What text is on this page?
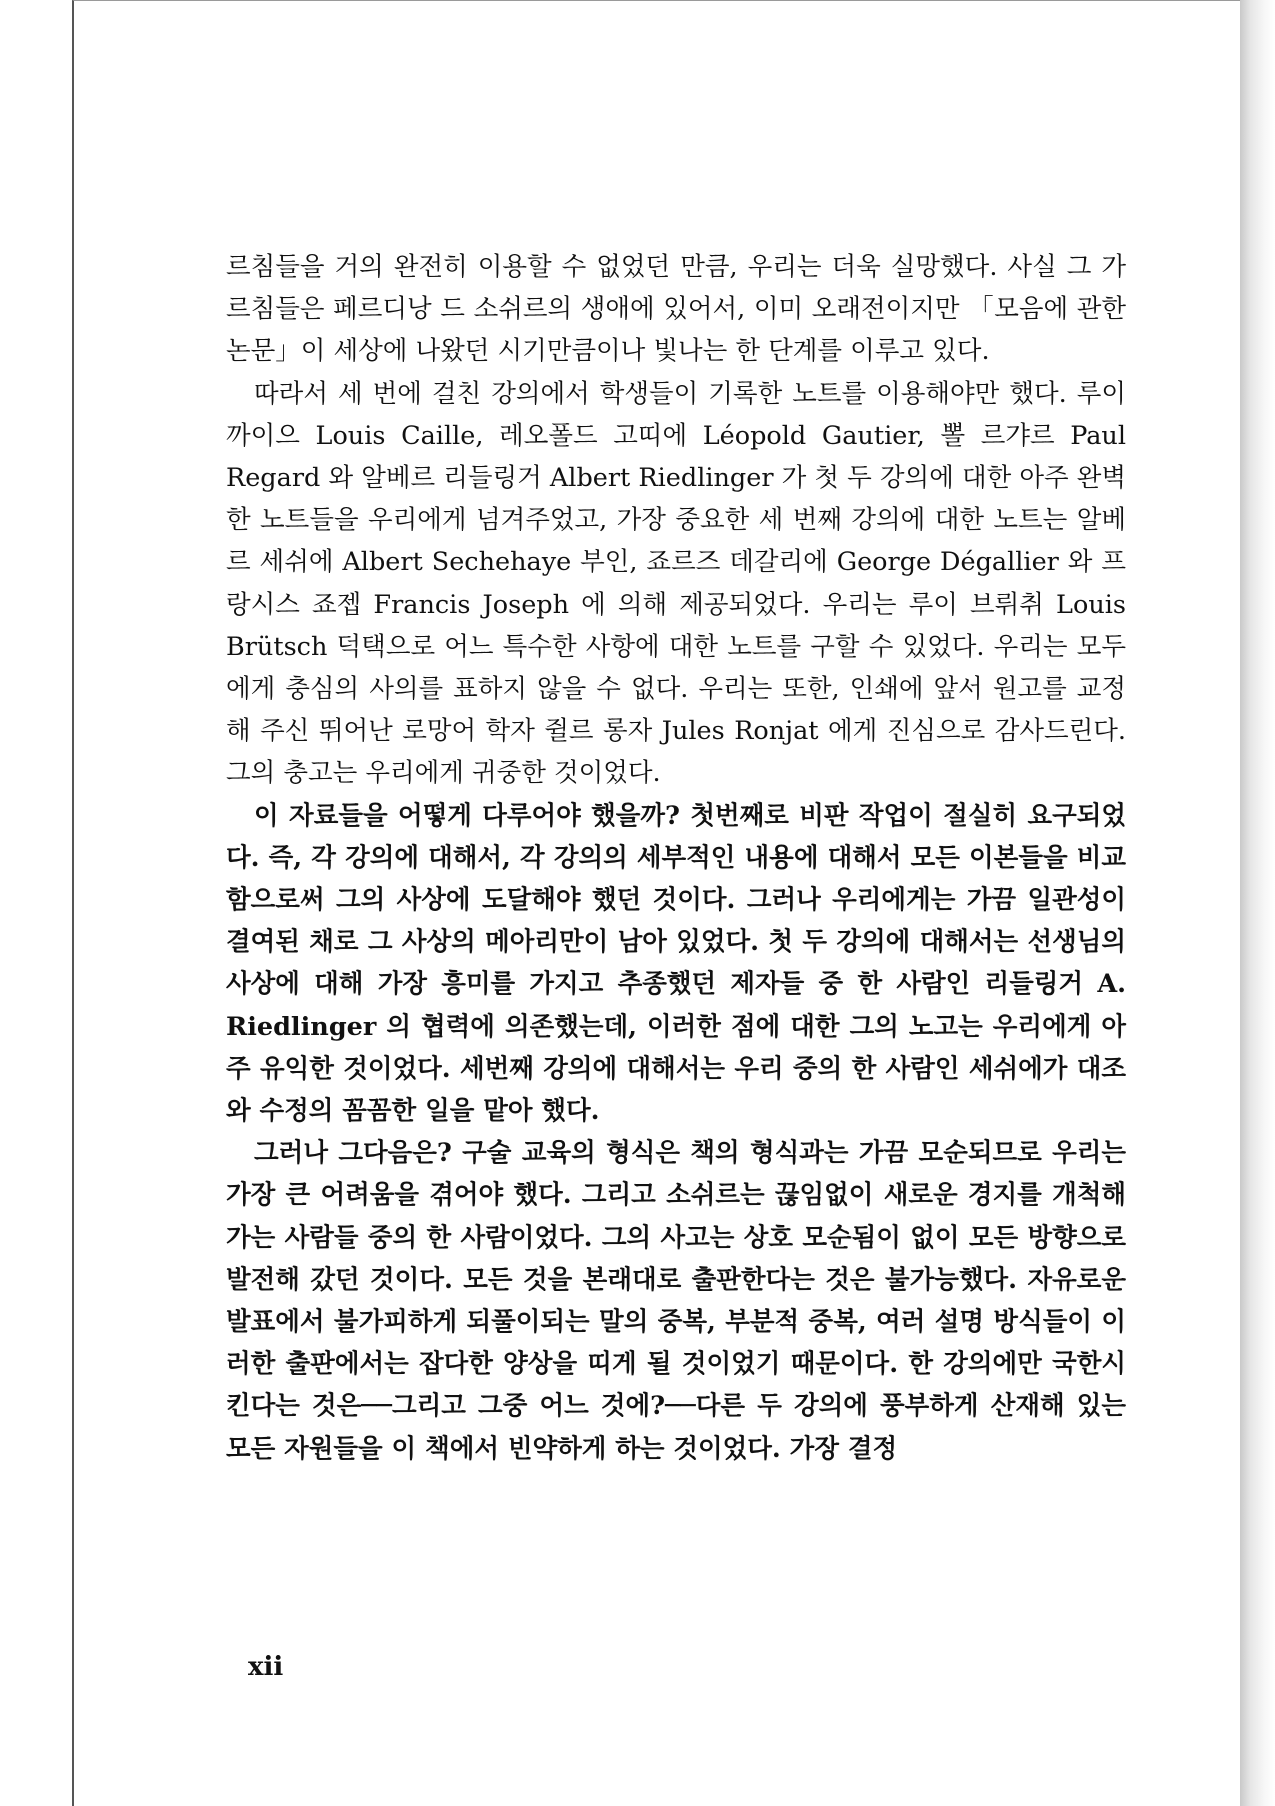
르침들을 거의 완전히 이용할 수 없었던 만큼, 우리는 더욱 실망했다. 사실 그 가르침들은 페르디낭 드 소쉬르의 생애에 있어서, 이미 오래전이지만 「모음에 관한 논문」이 세상에 나왔던 시기만큼이나 빛나는 한 단계를 이루고 있다.

따라서 세 번에 걸친 강의에서 학생들이 기록한 노트를 이용해야만 했다. 루이 까이으 Louis Caille, 레오폴드 고띠에 Léopold Gautier, 뽈 르갸르 Paul Regard 와 알베르 리들링거 Albert Riedlinger 가 첫 두 강의에 대한 아주 완벽한 노트들을 우리에게 넘겨주었고, 가장 중요한 세 번째 강의에 대한 노트는 알베르 세쉬에 Albert Sechehaye 부인, 죠르즈 데갈리에 George Dégallier 와 프랑시스 죠젭 Francis Joseph 에 의해 제공되었다. 우리는 루이 브뤼취 Louis Brütsch 덕택으로 어느 특수한 사항에 대한 노트를 구할 수 있었다. 우리는 모두에게 충심의 사의를 표하지 않을 수 없다. 우리는 또한, 인쇄에 앞서 원고를 교정해 주신 뛰어난 로망어 학자 쥘르 롱자 Jules Ronjat 에게 진심으로 감사드린다. 그의 충고는 우리에게 귀중한 것이었다.

이 자료들을 어떻게 다루어야 했을까? 첫번째로 비판 작업이 절실히 요구되었다. 즉, 각 강의에 대해서, 각 강의의 세부적인 내용에 대해서 모든 이본들을 비교함으로써 그의 사상에 도달해야 했던 것이다. 그러나 우리에게는 가끔 일관성이 결여된 채로 그 사상의 메아리만이 남아 있었다. 첫 두 강의에 대해서는 선생님의 사상에 대해 가장 흥미를 가지고 추종했던 제자들 중 한 사람인 리들링거 A. Riedlinger 의 협력에 의존했는데, 이러한 점에 대한 그의 노고는 우리에게 아주 유익한 것이었다. 세번째 강의에 대해서는 우리 중의 한 사람인 세쉬에가 대조와 수정의 꼼꼼한 일을 맡아 했다.

그러나 그다음은? 구술 교육의 형식은 책의 형식과는 가끔 모순되므로 우리는 가장 큰 어려움을 겪어야 했다. 그리고 소쉬르는 끊임없이 새로운 경지를 개척해 가는 사람들 중의 한 사람이었다. 그의 사고는 상호 모순됨이 없이 모든 방향으로 발전해 갔던 것이다. 모든 것을 본래대로 출판한다는 것은 불가능했다. 자유로운 발표에서 불가피하게 되풀이되는 말의 중복, 부분적 중복, 여러 설명 방식들이 이러한 출판에서는 잡다한 양상을 띠게 될 것이었기 때문이다. 한 강의에만 국한시킨다는 것은──그리고 그중 어느 것에?──다른 두 강의에 풍부하게 산재해 있는 모든 자원들을 이 책에서 빈약하게 하는 것이었다. 가장 결정

xii
